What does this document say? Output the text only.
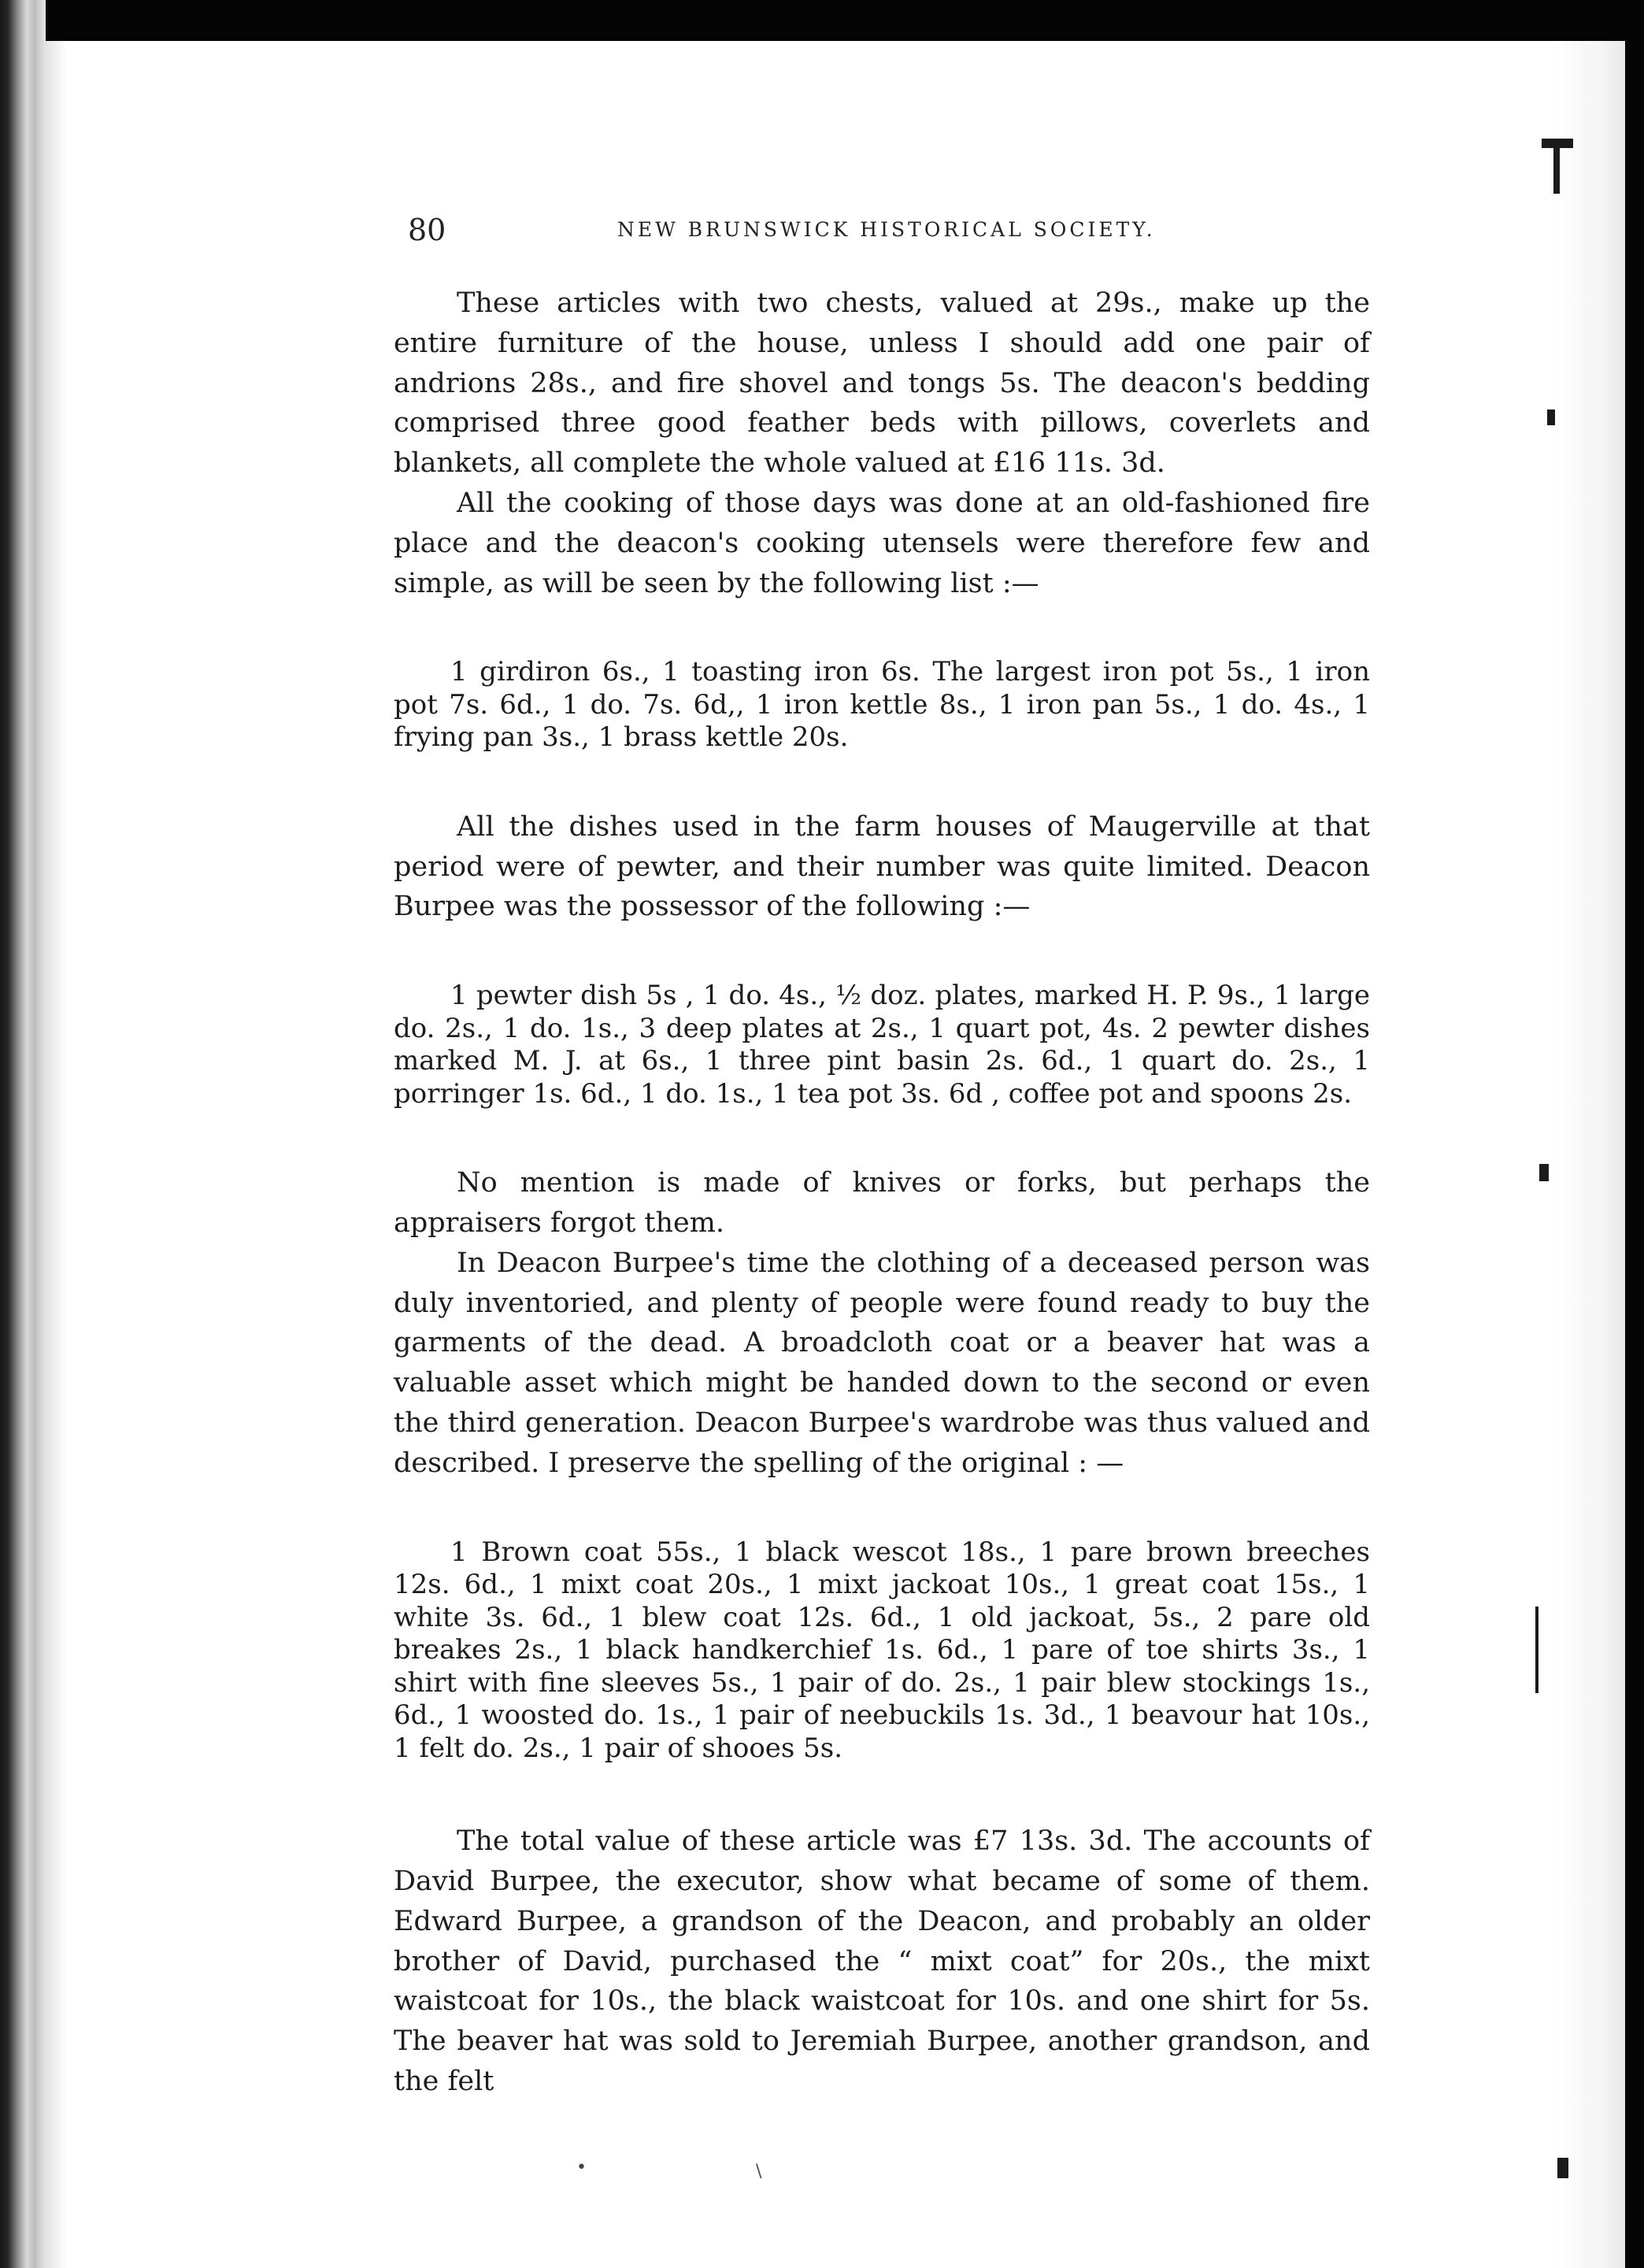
80	NEW BRUNSWICK HISTORICAL SOCIETY.

These articles with two chests, valued at 29s., make up the entire furniture of the house, unless I should add one pair of andrions 28s., and fire shovel and tongs 5s. The deacon's bedding comprised three good feather beds with pillows, coverlets and blankets, all complete the whole valued at £16 11s. 3d.

All the cooking of those days was done at an old-fashioned fire place and the deacon's cooking utensels were therefore few and simple, as will be seen by the following list :—

1 girdiron 6s., 1 toasting iron 6s. The largest iron pot 5s., 1 iron pot 7s. 6d., 1 do. 7s. 6d,, 1 iron kettle 8s., 1 iron pan 5s., 1 do. 4s., 1 frying pan 3s., 1 brass kettle 20s.

All the dishes used in the farm houses of Maugerville at that period were of pewter, and their number was quite limited. Deacon Burpee was the possessor of the following :—

1 pewter dish 5s , 1 do. 4s., ½ doz. plates, marked H. P. 9s., 1 large do. 2s., 1 do. 1s., 3 deep plates at 2s., 1 quart pot, 4s. 2 pewter dishes marked M. J. at 6s., 1 three pint basin 2s. 6d., 1 quart do. 2s., 1 porringer 1s. 6d., 1 do. 1s., 1 tea pot 3s. 6d , coffee pot and spoons 2s.

No mention is made of knives or forks, but perhaps the appraisers forgot them.

In Deacon Burpee's time the clothing of a deceased person was duly inventoried, and plenty of people were found ready to buy the garments of the dead. A broadcloth coat or a beaver hat was a valuable asset which might be handed down to the second or even the third generation. Deacon Burpee's wardrobe was thus valued and described. I preserve the spelling of the original : —

1 Brown coat 55s., 1 black wescot 18s., 1 pare brown breeches 12s. 6d., 1 mixt coat 20s., 1 mixt jackoat 10s., 1 great coat 15s., 1 white 3s. 6d., 1 blew coat 12s. 6d., 1 old jackoat, 5s., 2 pare old breakes 2s., 1 black handkerchief 1s. 6d., 1 pare of toe shirts 3s., 1 shirt with fine sleeves 5s., 1 pair of do. 2s., 1 pair blew stockings 1s., 6d., 1 woosted do. 1s., 1 pair of neebuckils 1s. 3d., 1 beavour hat 10s., 1 felt do. 2s., 1 pair of shooes 5s.

The total value of these article was £7 13s. 3d. The accounts of David Burpee, the executor, show what became of some of them. Edward Burpee, a grandson of the Deacon, and probably an older brother of David, purchased the “ mixt coat” for 20s., the mixt waistcoat for 10s., the black waistcoat for 10s. and one shirt for 5s. The beaver hat was sold to Jeremiah Burpee, another grandson, and the felt

•	\
